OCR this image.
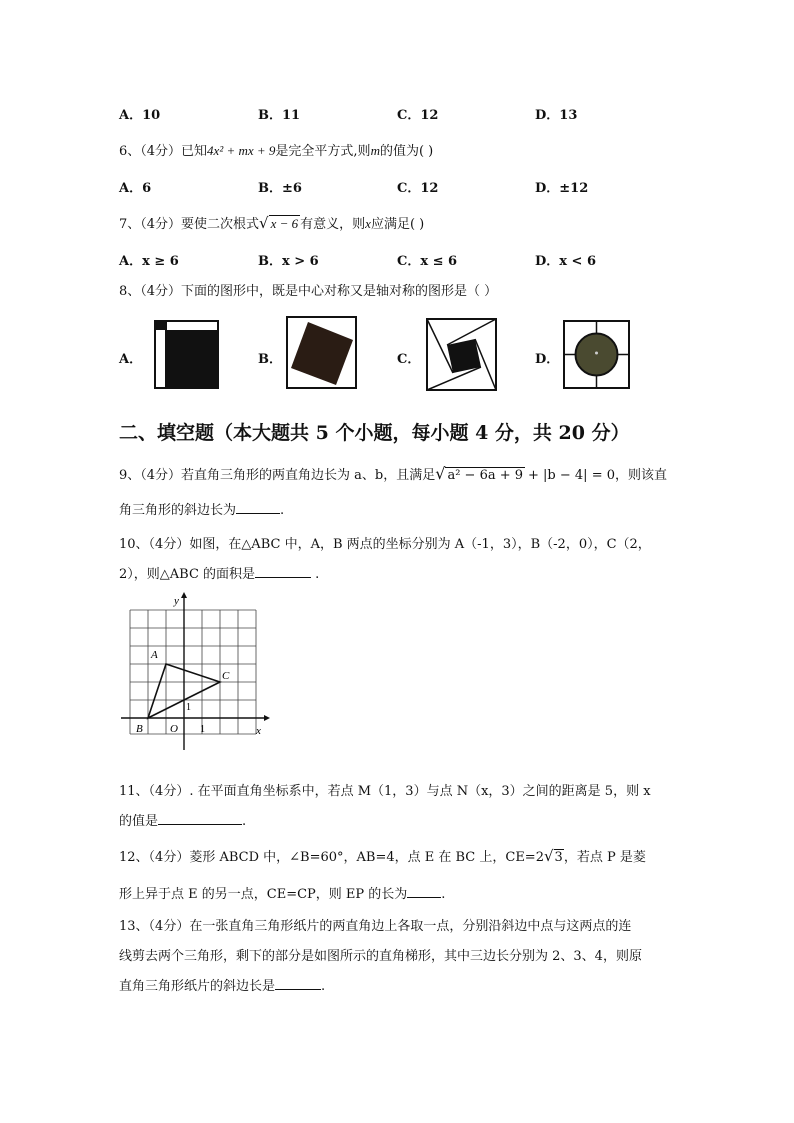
A．10	B．11	C．12	D．13
6、（4分）已知4x² + mx + 9是完全平方式,则m的值为( )
A．6	B．±6	C．12	D．±12
7、（4分）要使二次根式√ x − 6 有意义，则x应满足( )
A．x ≥ 6	B．x > 6	C．x ≤ 6	D．x < 6
8、（4分）下面的图形中，既是中心对称又是轴对称的图形是（ ）
A．	B．	C．	D．
二、填空题（本大题共 5 个小题，每小题 4 分，共 20 分）
9、（4分）若直角三角形的两直角边长为 a、b，且满足√ a² − 6a + 9 + |b − 4| = 0，则该直
角三角形的斜边长为	.
10、（4分）如图，在△ABC 中，A，B 两点的坐标分别为 A（-1，3），B（-2，0），C（2，
2），则△ABC 的面积是	.
y
x
A
B
C
O 1
1
11、（4分）. 在平面直角坐标系中，若点 M（1，3）与点 N（x，3）之间的距离是 5，则 x
的值是	.
12、（4分）菱形 ABCD 中，∠B=60°，AB=4，点 E 在 BC 上，CE=2√3，若点 P 是菱
形上异于点 E 的另一点，CE=CP，则 EP 的长为	.
13、（4分）在一张直角三角形纸片的两直角边上各取一点，分别沿斜边中点与这两点的连
线剪去两个三角形，剩下的部分是如图所示的直角梯形，其中三边长分别为 2、3、4，则原
直角三角形纸片的斜边长是	.
